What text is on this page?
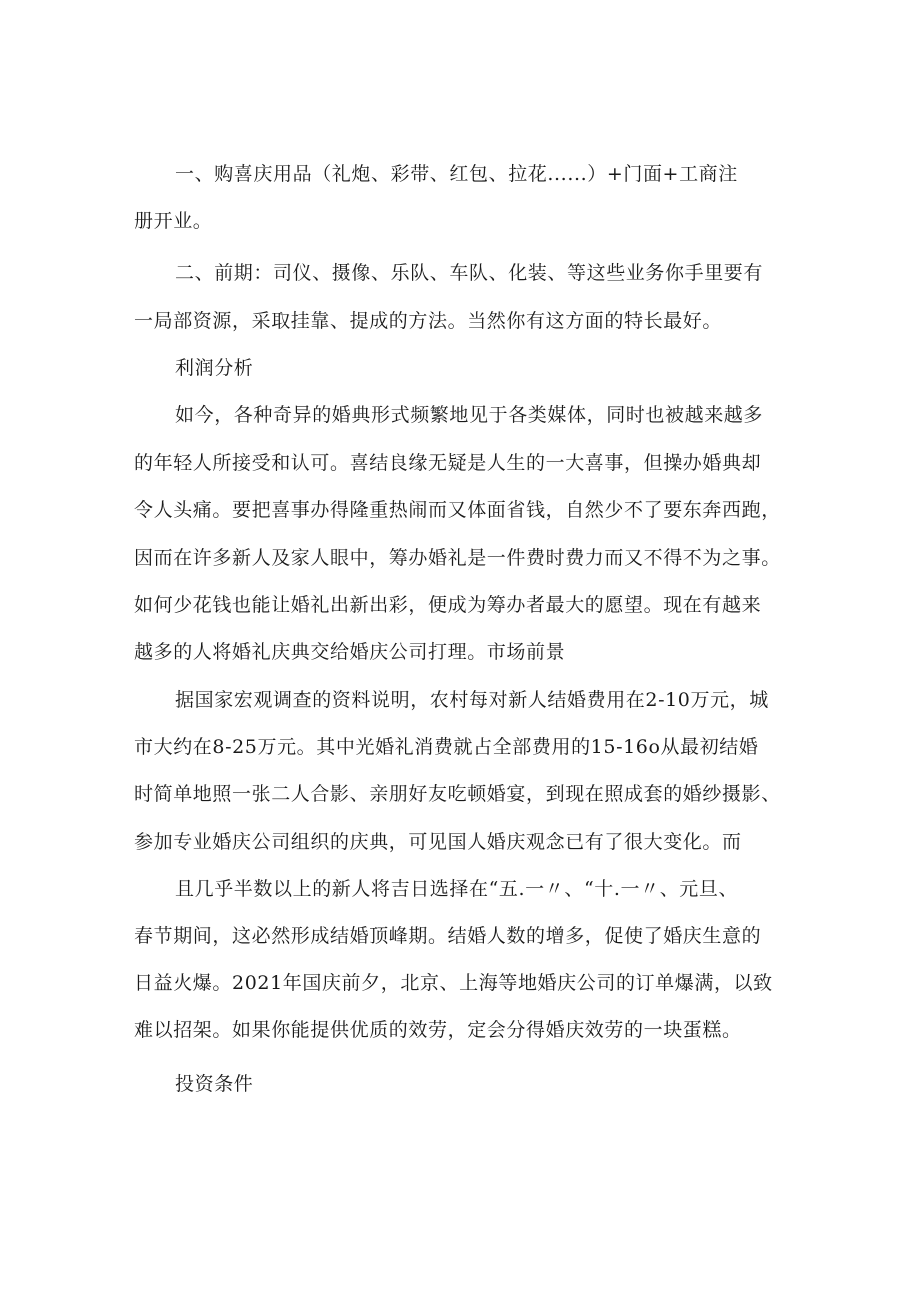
一、购喜庆用品（礼炮、彩带、红包、拉花......）+门面+工商注
册开业。
二、前期：司仪、摄像、乐队、车队、化装、等这些业务你手里要有
一局部资源，采取挂靠、提成的方法。当然你有这方面的特长最好。
利润分析
如今，各种奇异的婚典形式频繁地见于各类媒体，同时也被越来越多
的年轻人所接受和认可。喜结良缘无疑是人生的一大喜事，但操办婚典却
令人头痛。要把喜事办得隆重热闹而又体面省钱，自然少不了要东奔西跑，
因而在许多新人及家人眼中，筹办婚礼是一件费时费力而又不得不为之事。
如何少花钱也能让婚礼出新出彩，便成为筹办者最大的愿望。现在有越来
越多的人将婚礼庆典交给婚庆公司打理。市场前景
据国家宏观调查的资料说明，农村每对新人结婚费用在2-10万元，城
市大约在8-25万元。其中光婚礼消费就占全部费用的15-16o从最初结婚
时简单地照一张二人合影、亲朋好友吃顿婚宴，到现在照成套的婚纱摄影、
参加专业婚庆公司组织的庆典，可见国人婚庆观念已有了很大变化。而
且几乎半数以上的新人将吉日选择在“五.一〃、“十.一〃、元旦、
春节期间，这必然形成结婚顶峰期。结婚人数的增多，促使了婚庆生意的
日益火爆。2021年国庆前夕，北京、上海等地婚庆公司的订单爆满，以致
难以招架。如果你能提供优质的效劳，定会分得婚庆效劳的一块蛋糕。
投资条件
